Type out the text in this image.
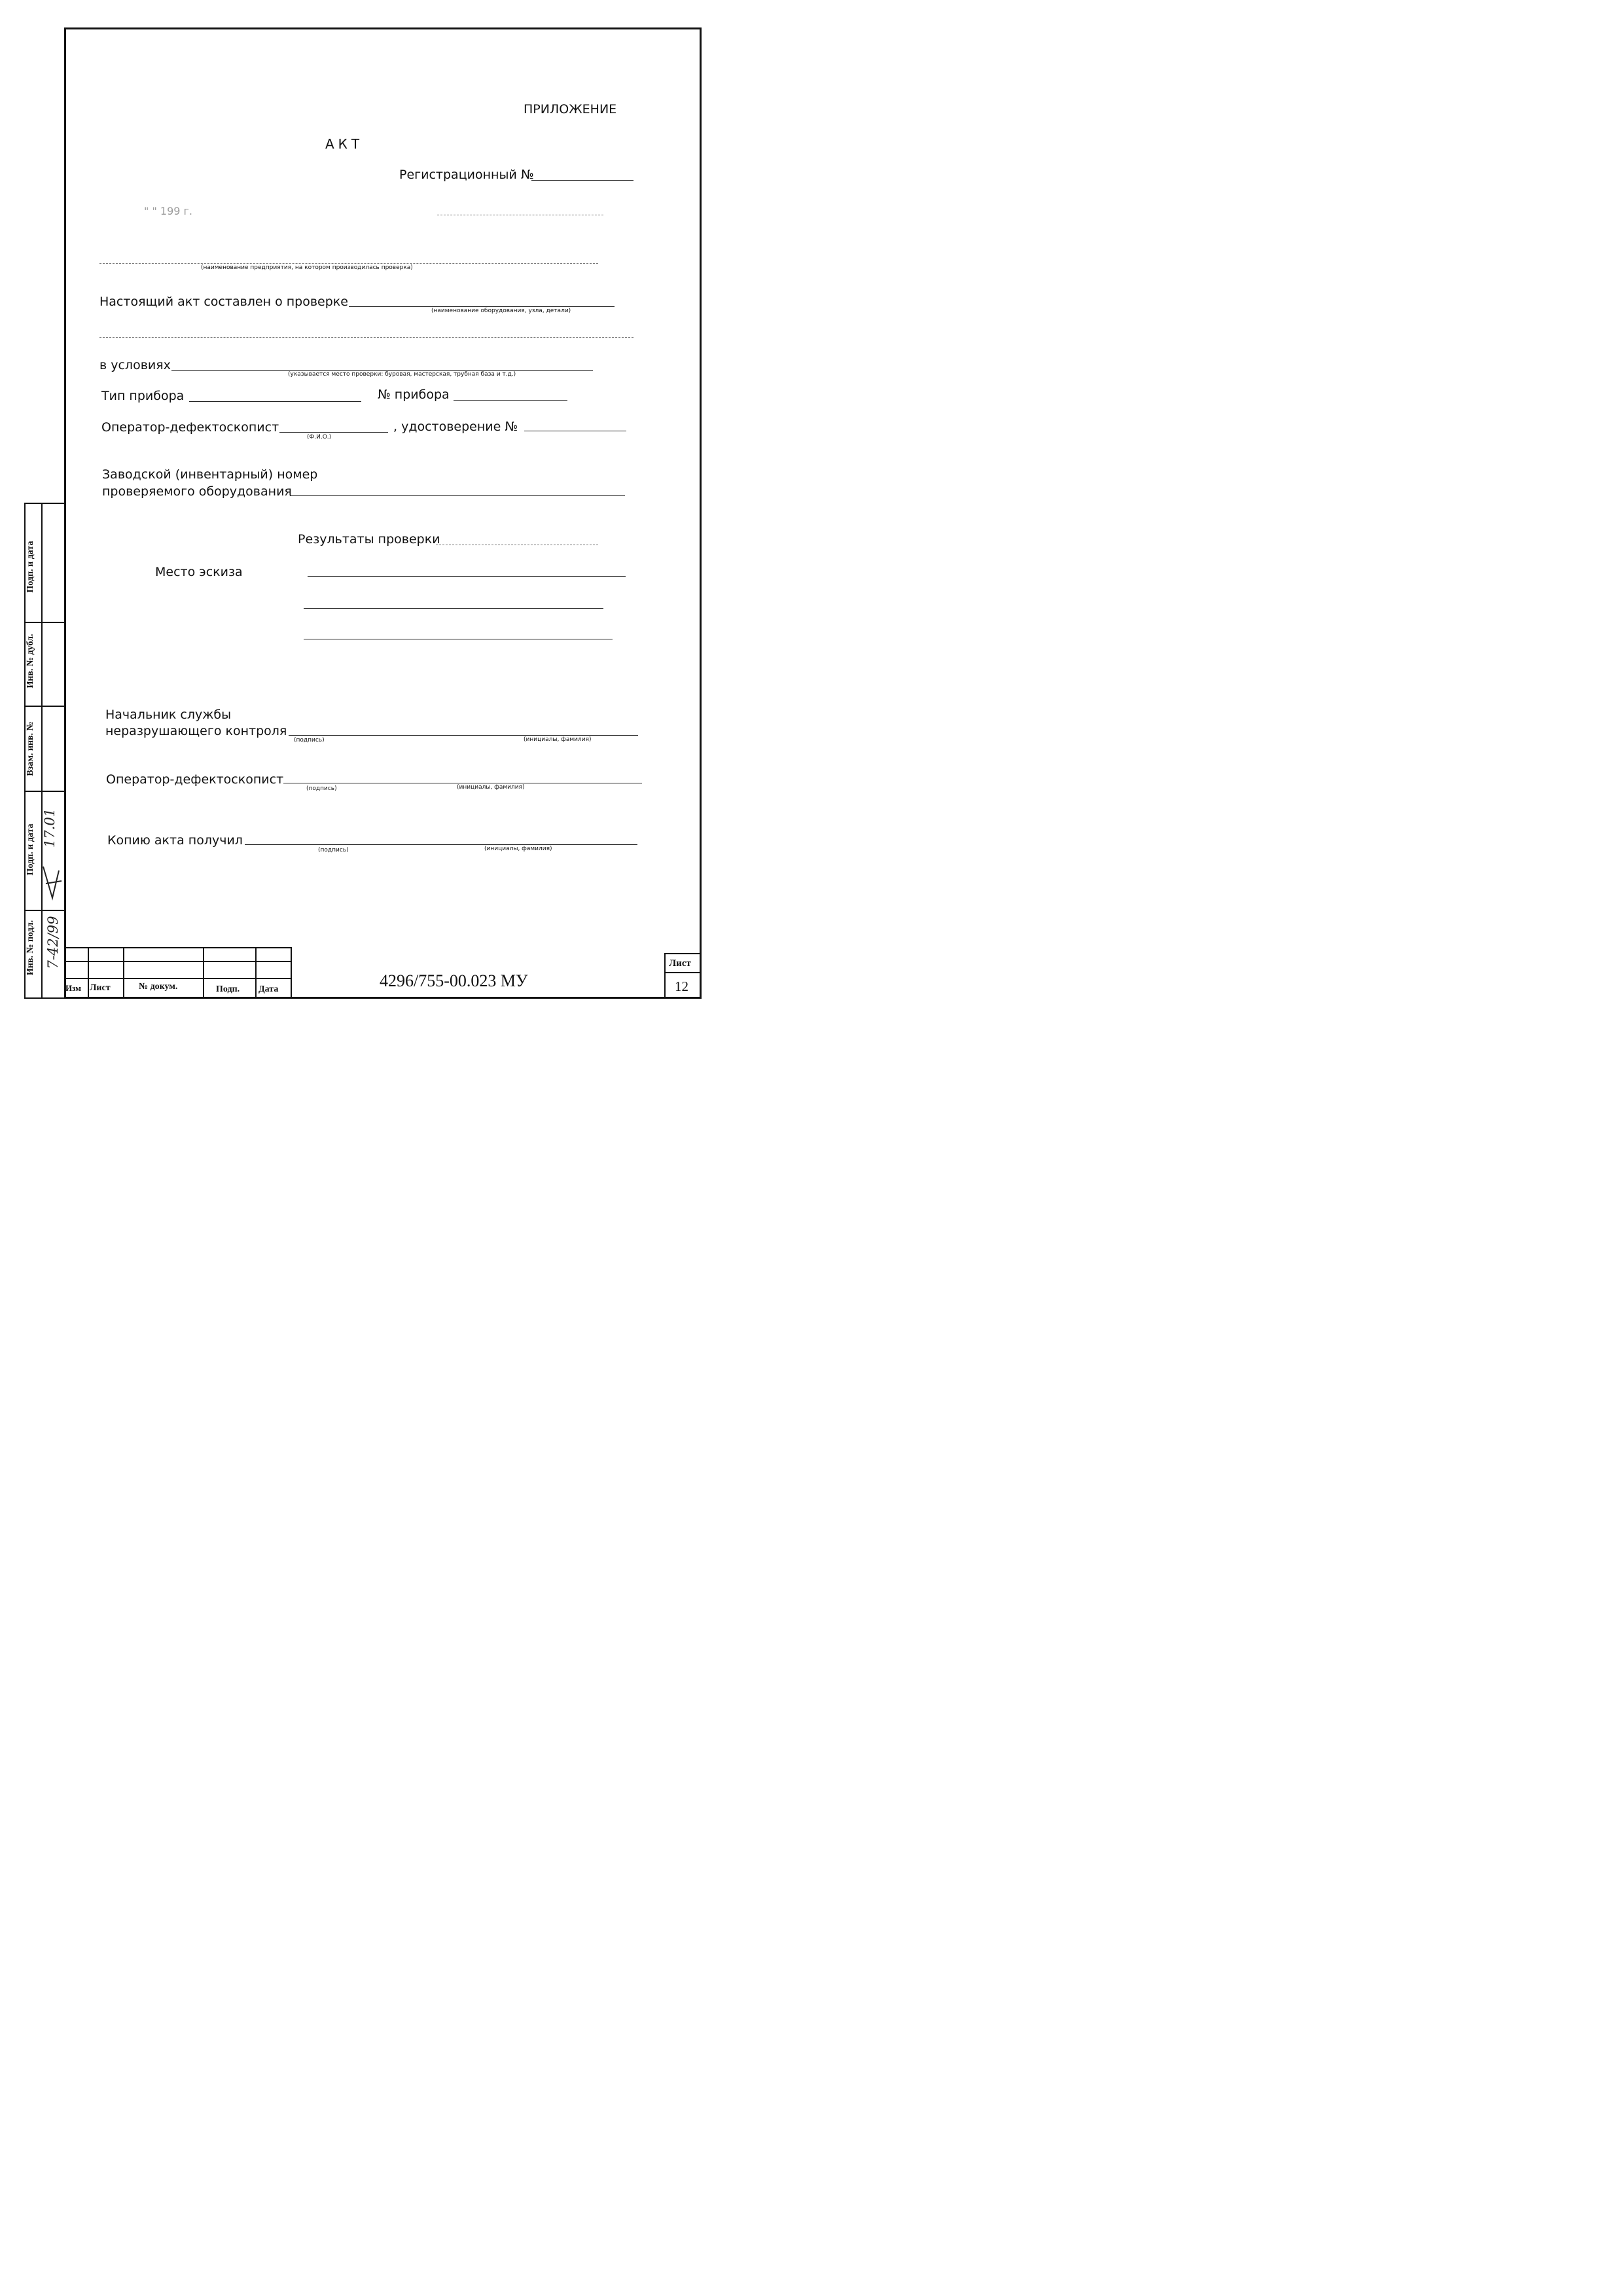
ПРИЛОЖЕНИЕ
АКТ
Регистрационный №
" " 199 г.
(наименование предприятия, на котором производилась проверка)
Настоящий акт составлен о проверке
(наименование оборудования, узла, детали)
в условиях
(указывается место проверки: буровая, мастерская, трубная база и т.д.)
Тип прибора	№ прибора
Оператор-дефектоскопист
(Ф.И.О.)
, удостоверение №
Заводской (инвентарный) номер
проверяемого оборудования
Результаты проверки
Место эскиза
Начальник службы
неразрушающего контроля
(подпись)	(инициалы, фамилия)
Оператор-дефектоскопист
(подпись)	(инициалы, фамилия)
Копию акта получил
(подпись)	(инициалы, фамилия)
Подп. и дата
Инв. № дубл.
Взам. инв. №
Подп. и дата
Инв. № подл.
17.01
7-42/99
Изм Лист	№ докум.	Подп. Дата	4296/755-00.023 МУ
Лист
12
